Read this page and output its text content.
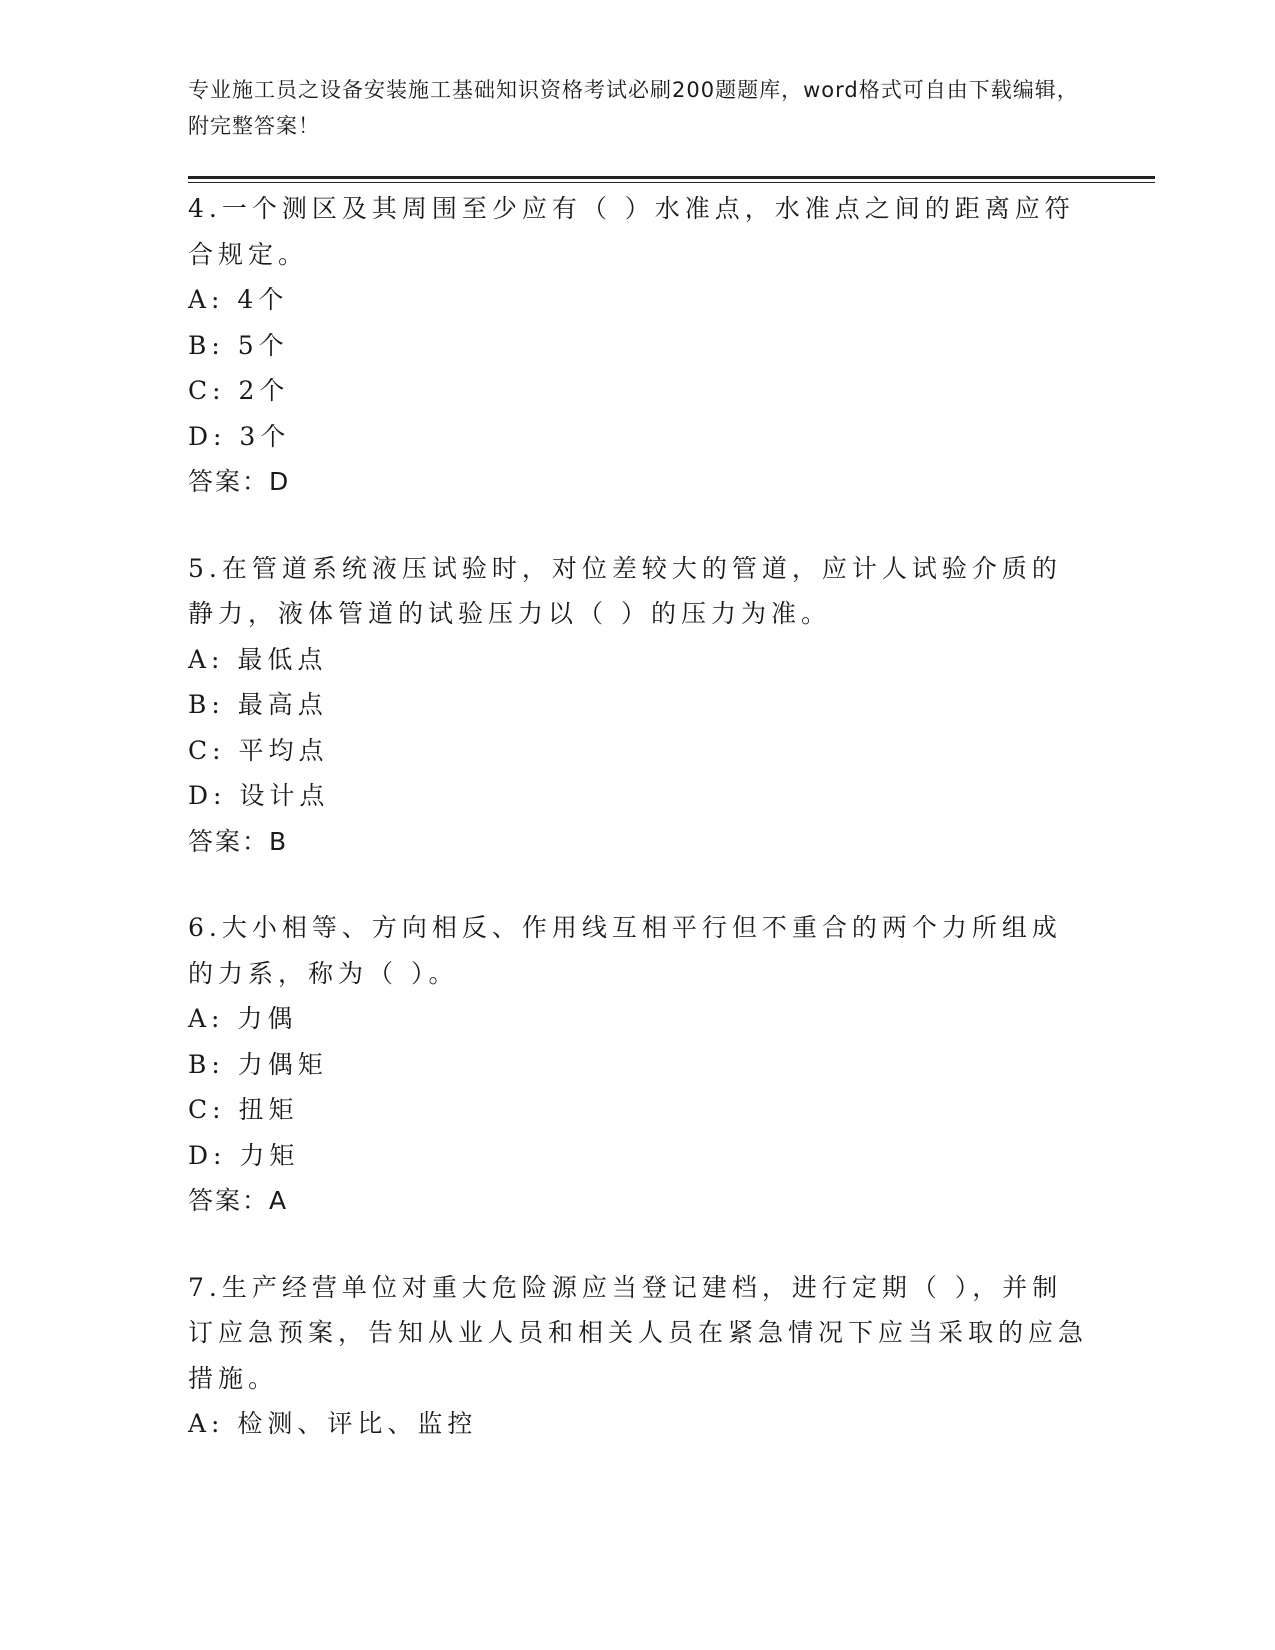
专业施工员之设备安装施工基础知识资格考试必刷200题题库，word格式可自由下载编辑，附完整答案！

4.一个测区及其周围至少应有（ ）水准点，水准点之间的距离应符合规定。

A: 4个

B: 5个

C: 2个

D: 3个

答案：D

5.在管道系统液压试验时，对位差较大的管道，应计人试验介质的静力，液体管道的试验压力以（ ）的压力为准。

A: 最低点

B: 最高点

C: 平均点

D: 设计点

答案：B

6.大小相等、方向相反、作用线互相平行但不重合的两个力所组成的力系，称为（ ）。

A: 力偶

B: 力偶矩

C: 扭矩

D: 力矩

答案：A

7.生产经营单位对重大危险源应当登记建档，进行定期（ ），并制订应急预案，告知从业人员和相关人员在紧急情况下应当采取的应急措施。

A: 检测、评比、监控
